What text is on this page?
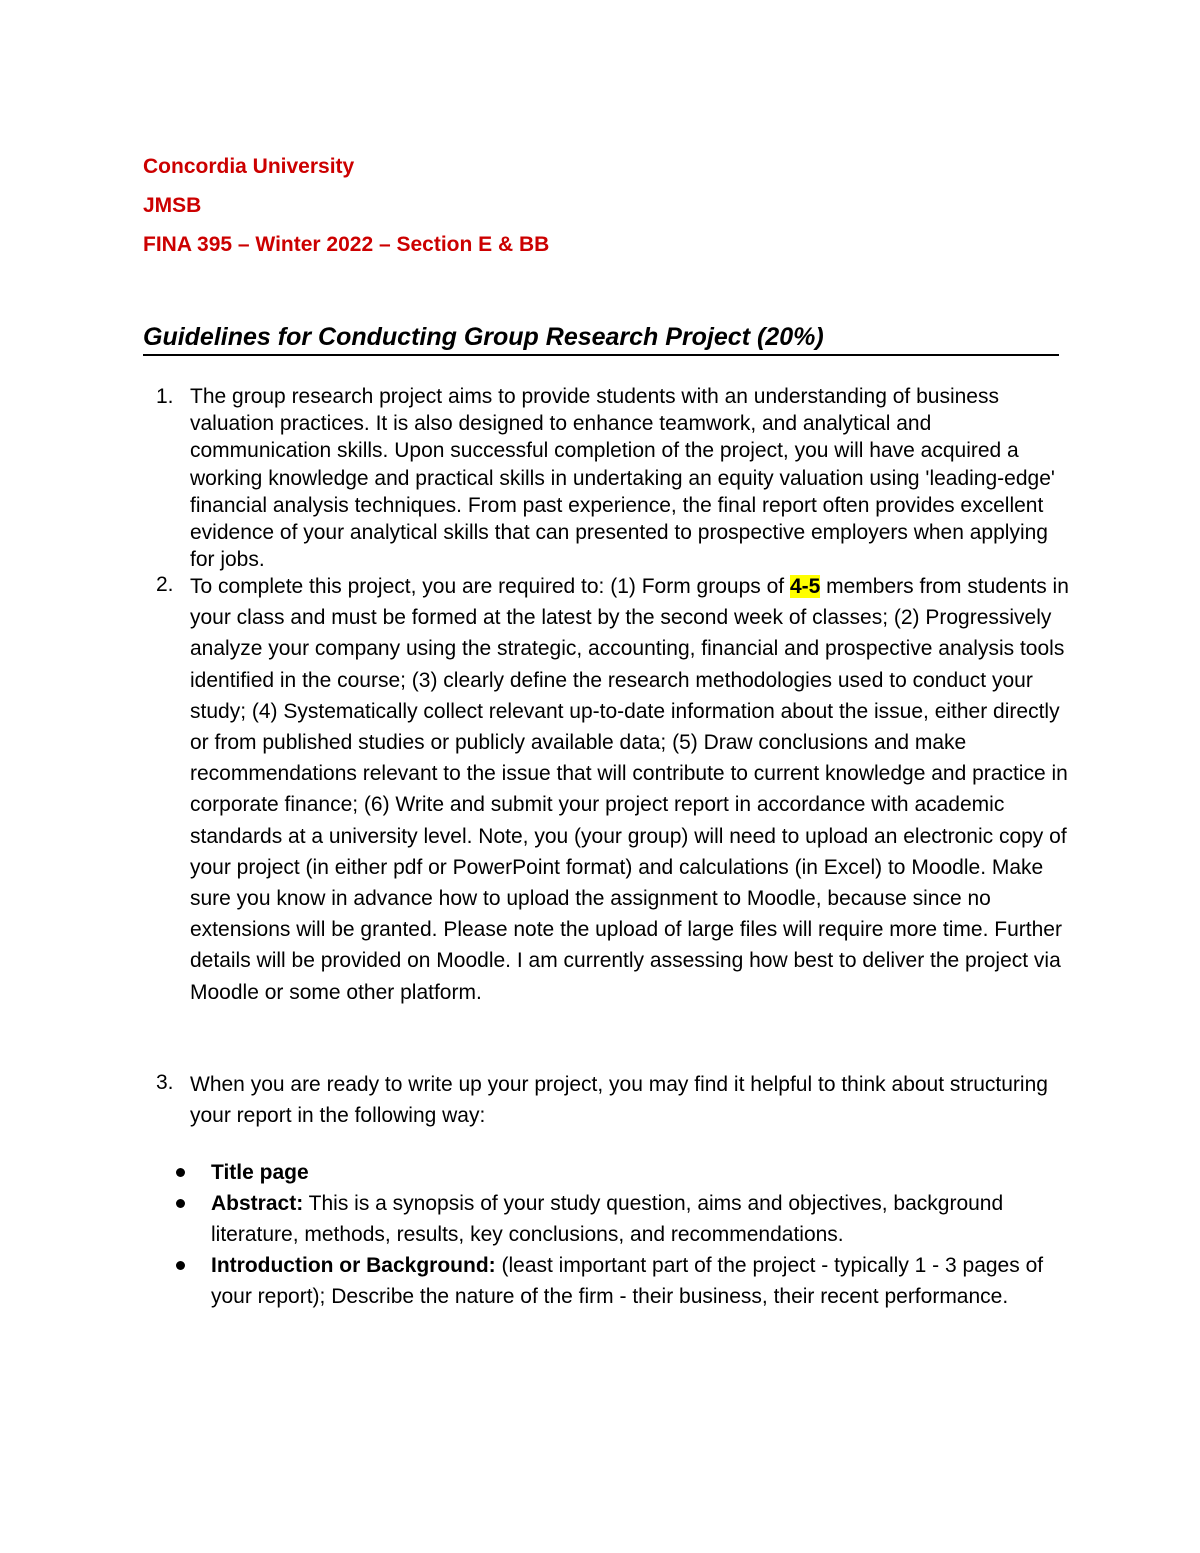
Concordia University

JMSB

FINA 395 – Winter 2022 – Section E & BB

Guidelines for Conducting Group Research Project (20%)
1. The group research project aims to provide students with an understanding of business valuation practices. It is also designed to enhance teamwork, and analytical and communication skills. Upon successful completion of the project, you will have acquired a working knowledge and practical skills in undertaking an equity valuation using 'leading-edge' financial analysis techniques. From past experience, the final report often provides excellent evidence of your analytical skills that can presented to prospective employers when applying for jobs.

2. To complete this project, you are required to: (1) Form groups of 4-5 members from students in your class and must be formed at the latest by the second week of classes; (2) Progressively analyze your company using the strategic, accounting, financial and prospective analysis tools identified in the course; (3) clearly define the research methodologies used to conduct your study; (4) Systematically collect relevant up-to-date information about the issue, either directly or from published studies or publicly available data; (5) Draw conclusions and make recommendations relevant to the issue that will contribute to current knowledge and practice in corporate finance; (6) Write and submit your project report in accordance with academic standards at a university level. Note, you (your group) will need to upload an electronic copy of your project (in either pdf or PowerPoint format) and calculations (in Excel) to Moodle. Make sure you know in advance how to upload the assignment to Moodle, because since no extensions will be granted. Please note the upload of large files will require more time. Further details will be provided on Moodle. I am currently assessing how best to deliver the project via Moodle or some other platform.

3. When you are ready to write up your project, you may find it helpful to think about structuring your report in the following way:

Title page
Abstract: This is a synopsis of your study question, aims and objectives, background literature, methods, results, key conclusions, and recommendations.
Introduction or Background: (least important part of the project - typically 1 - 3 pages of your report); Describe the nature of the firm - their business, their recent performance.
